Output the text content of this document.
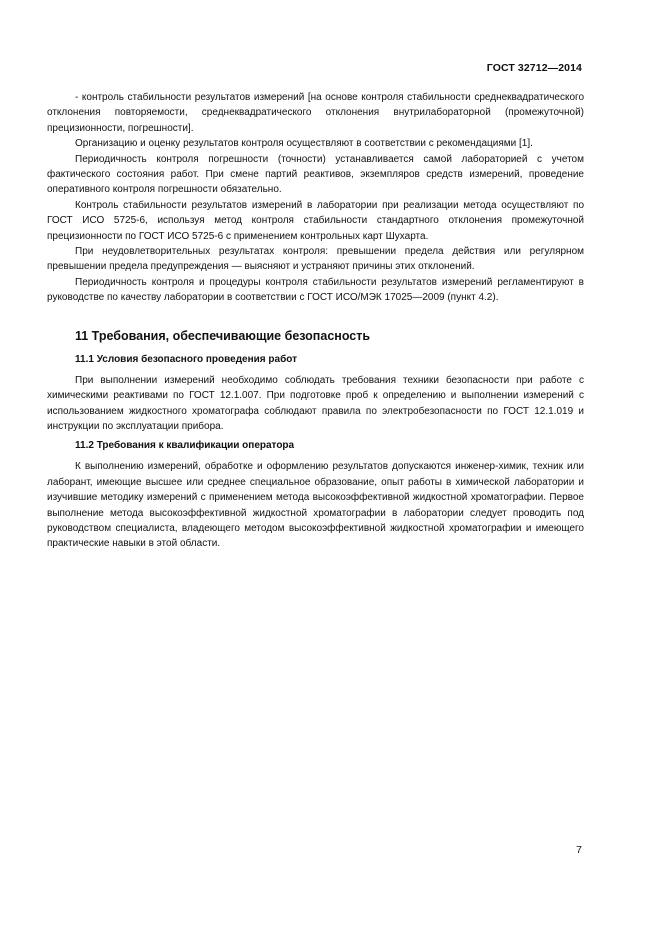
ГОСТ 32712—2014

- контроль стабильности результатов измерений [на основе контроля стабильности среднеквадратического отклонения повторяемости, среднеквадратического отклонения внутрилабораторной (промежуточной) прецизионности, погрешности].

Организацию и оценку результатов контроля осуществляют в соответствии с рекомендациями [1].

Периодичность контроля погрешности (точности) устанавливается самой лабораторией с учетом фактического состояния работ. При смене партий реактивов, экземпляров средств измерений, проведение оперативного контроля погрешности обязательно.

Контроль стабильности результатов измерений в лаборатории при реализации метода осуществляют по ГОСТ ИСО 5725-6, используя метод контроля стабильности стандартного отклонения промежуточной прецизионности по ГОСТ ИСО 5725-6 с применением контрольных карт Шухарта.

При неудовлетворительных результатах контроля: превышении предела действия или регулярном превышении предела предупреждения — выясняют и устраняют причины этих отклонений.

Периодичность контроля и процедуры контроля стабильности результатов измерений регламентируют в руководстве по качеству лаборатории в соответствии с ГОСТ ИСО/МЭК 17025—2009 (пункт 4.2).

11 Требования, обеспечивающие безопасность
11.1 Условия безопасного проведения работ

При выполнении измерений необходимо соблюдать требования техники безопасности при работе с химическими реактивами по ГОСТ 12.1.007. При подготовке проб к определению и выполнении измерений с использованием жидкостного хроматографа соблюдают правила по электробезопасности по ГОСТ 12.1.019 и инструкции по эксплуатации прибора.

11.2 Требования к квалификации оператора

К выполнению измерений, обработке и оформлению результатов допускаются инженер-химик, техник или лаборант, имеющие высшее или среднее специальное образование, опыт работы в химической лаборатории и изучившие методику измерений с применением метода высокоэффективной жидкостной хроматографии. Первое выполнение метода высокоэффективной жидкостной хроматографии в лаборатории следует проводить под руководством специалиста, владеющего методом высокоэффективной жидкостной хроматографии и имеющего практические навыки в этой области.

7
